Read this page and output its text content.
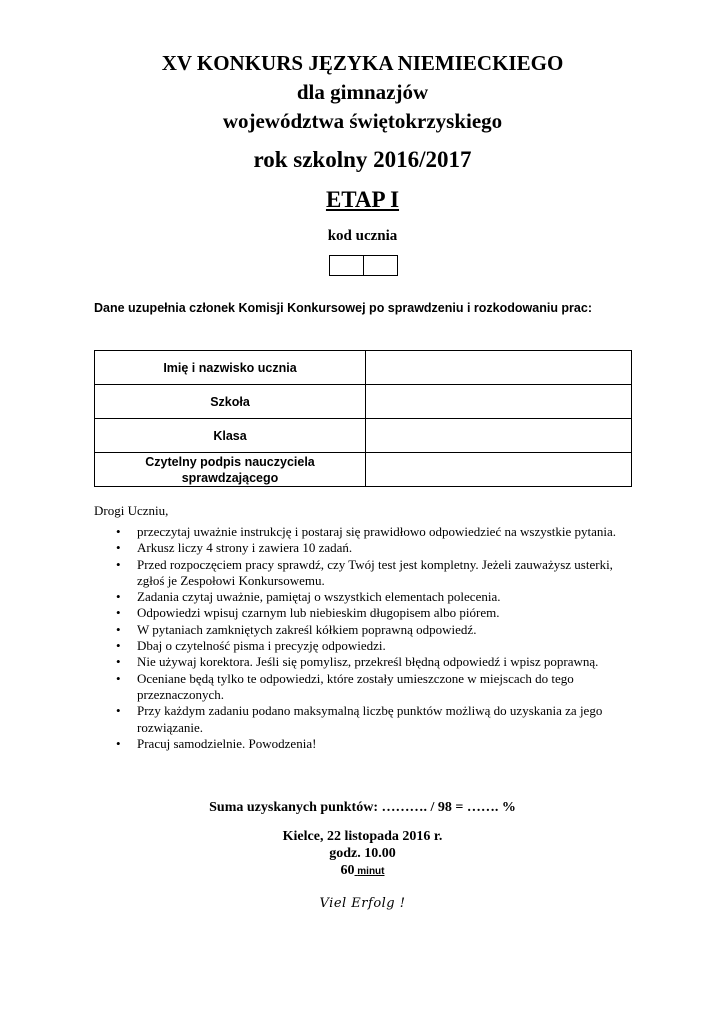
XV KONKURS JĘZYKA NIEMIECKIEGO
dla gimnazjów
województwa świętokrzyskiego
rok szkolny 2016/2017
ETAP I
kod ucznia
Dane uzupełnia członek Komisji Konkursowej po sprawdzeniu i rozkodowaniu prac:
Imię i nazwisko ucznia	
Szkoła	
Klasa	
Czytelny podpis nauczyciela sprawdzającego	
Drogi Uczniu,
• przeczytaj uważnie instrukcję i postaraj się prawidłowo odpowiedzieć na wszystkie pytania.
• Arkusz liczy 4 strony i zawiera 10 zadań.
• Przed rozpoczęciem pracy sprawdź, czy Twój test jest kompletny. Jeżeli zauważysz usterki, zgłoś je Zespołowi Konkursowemu.
• Zadania czytaj uważnie, pamiętaj o wszystkich elementach polecenia.
• Odpowiedzi wpisuj czarnym lub niebieskim długopisem albo piórem.
• W pytaniach zamkniętych zakreśl kółkiem poprawną odpowiedź.
• Dbaj o czytelność pisma i precyzję odpowiedzi.
• Nie używaj korektora. Jeśli się pomylisz, przekreśl błędną odpowiedź i wpisz poprawną.
• Oceniane będą tylko te odpowiedzi, które zostały umieszczone w miejscach do tego przeznaczonych.
• Przy każdym zadaniu podano maksymalną liczbę punktów możliwą do uzyskania za jego rozwiązanie.
• Pracuj samodzielnie. Powodzenia!
Suma uzyskanych punktów: ………. / 98 = ……. %
Kielce, 22 listopada 2016 r.
godz. 10.00
60 minut
Viel Erfolg !
